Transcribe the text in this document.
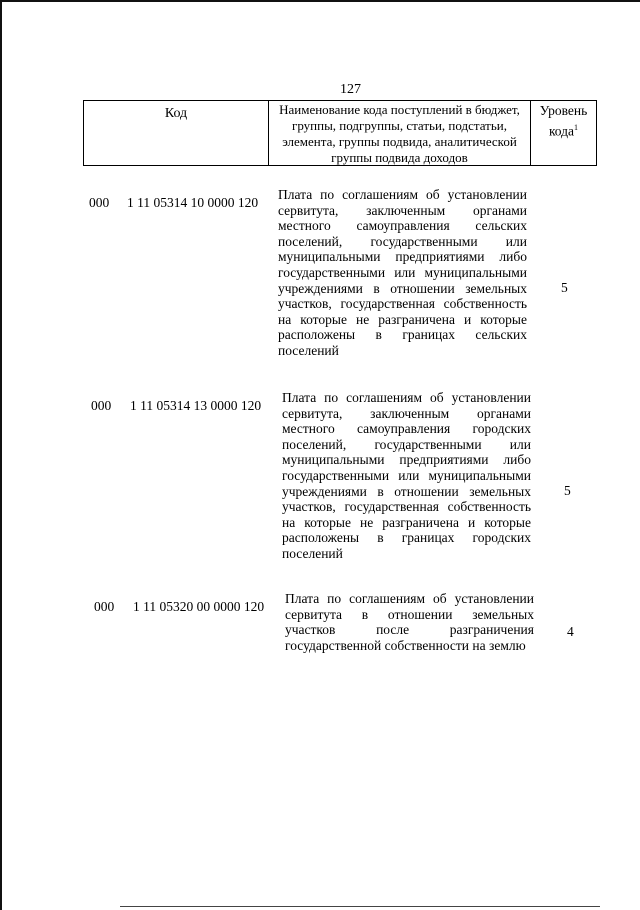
127
Код	Наименование кода поступлений в бюджет, группы, подгруппы, статьи, подстатьи, элемента, группы подвида, аналитической группы подвида доходов
Уровень кода$^1$
000 1 11 05314 10 0000 120
Плата по соглашениям об установлении сервитута, заключенным органами местного самоуправления сельских поселений, государственными или муниципальными предприятиями либо государственными или муниципальными учреждениями в отношении земельных участков, государственная собственность на которые не разграничена и которые расположены в границах сельских поселений
5
000 1 11 05314 13 0000 120
Плата по соглашениям об установлении сервитута, заключенным органами местного самоуправления городских поселений, государственными или муниципальными предприятиями либо государственными или муниципальными учреждениями в отношении земельных участков, государственная собственность на которые не разграничена и которые расположены в границах городских поселений
5
000 1 11 05320 00 0000 120
Плата по соглашениям об установлении сервитута в отношении земельных участков после разграничения государственной собственности на землю
4
